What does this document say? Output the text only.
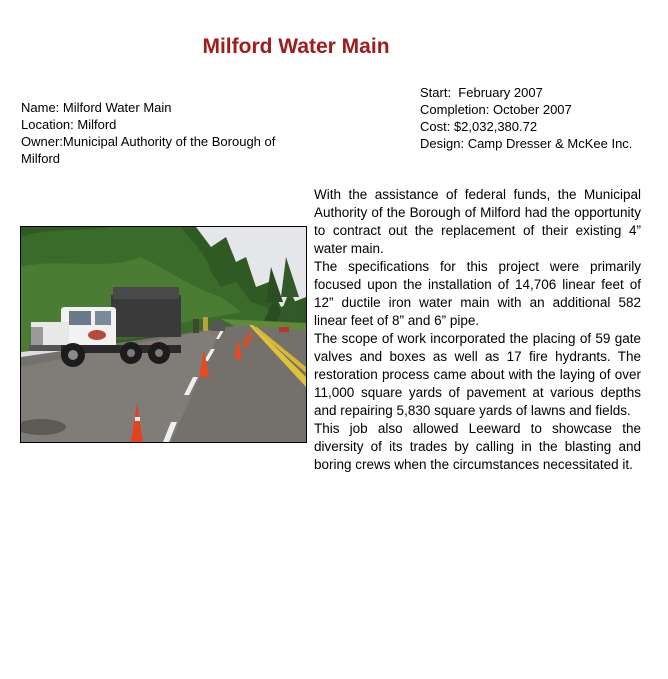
Milford Water Main
Name: Milford Water Main
Location: Milford
Owner:Municipal Authority of the Borough of Milford
Start:  February 2007
Completion: October 2007
Cost: $2,032,380.72
Design: Camp Dresser & McKee Inc.

With the assistance of federal funds, the Municipal Authority of the Borough of Milford had the opportunity to contract out the replacement of their existing 4” water main.

The specifications for this project were primarily focused upon the installation of 14,706 linear feet of 12” ductile iron water main with an additional 582 linear feet of 8” and 6” pipe.

The scope of work incorporated the placing of 59 gate valves and boxes as well as 17 fire hydrants. The restoration process came about with the laying of over 11,000 square yards of pavement at various depths and repairing 5,830 square yards of lawns and fields.

This job also allowed Leeward to showcase the diversity of its trades by calling in the blasting and boring crews when the circumstances necessitated it.
